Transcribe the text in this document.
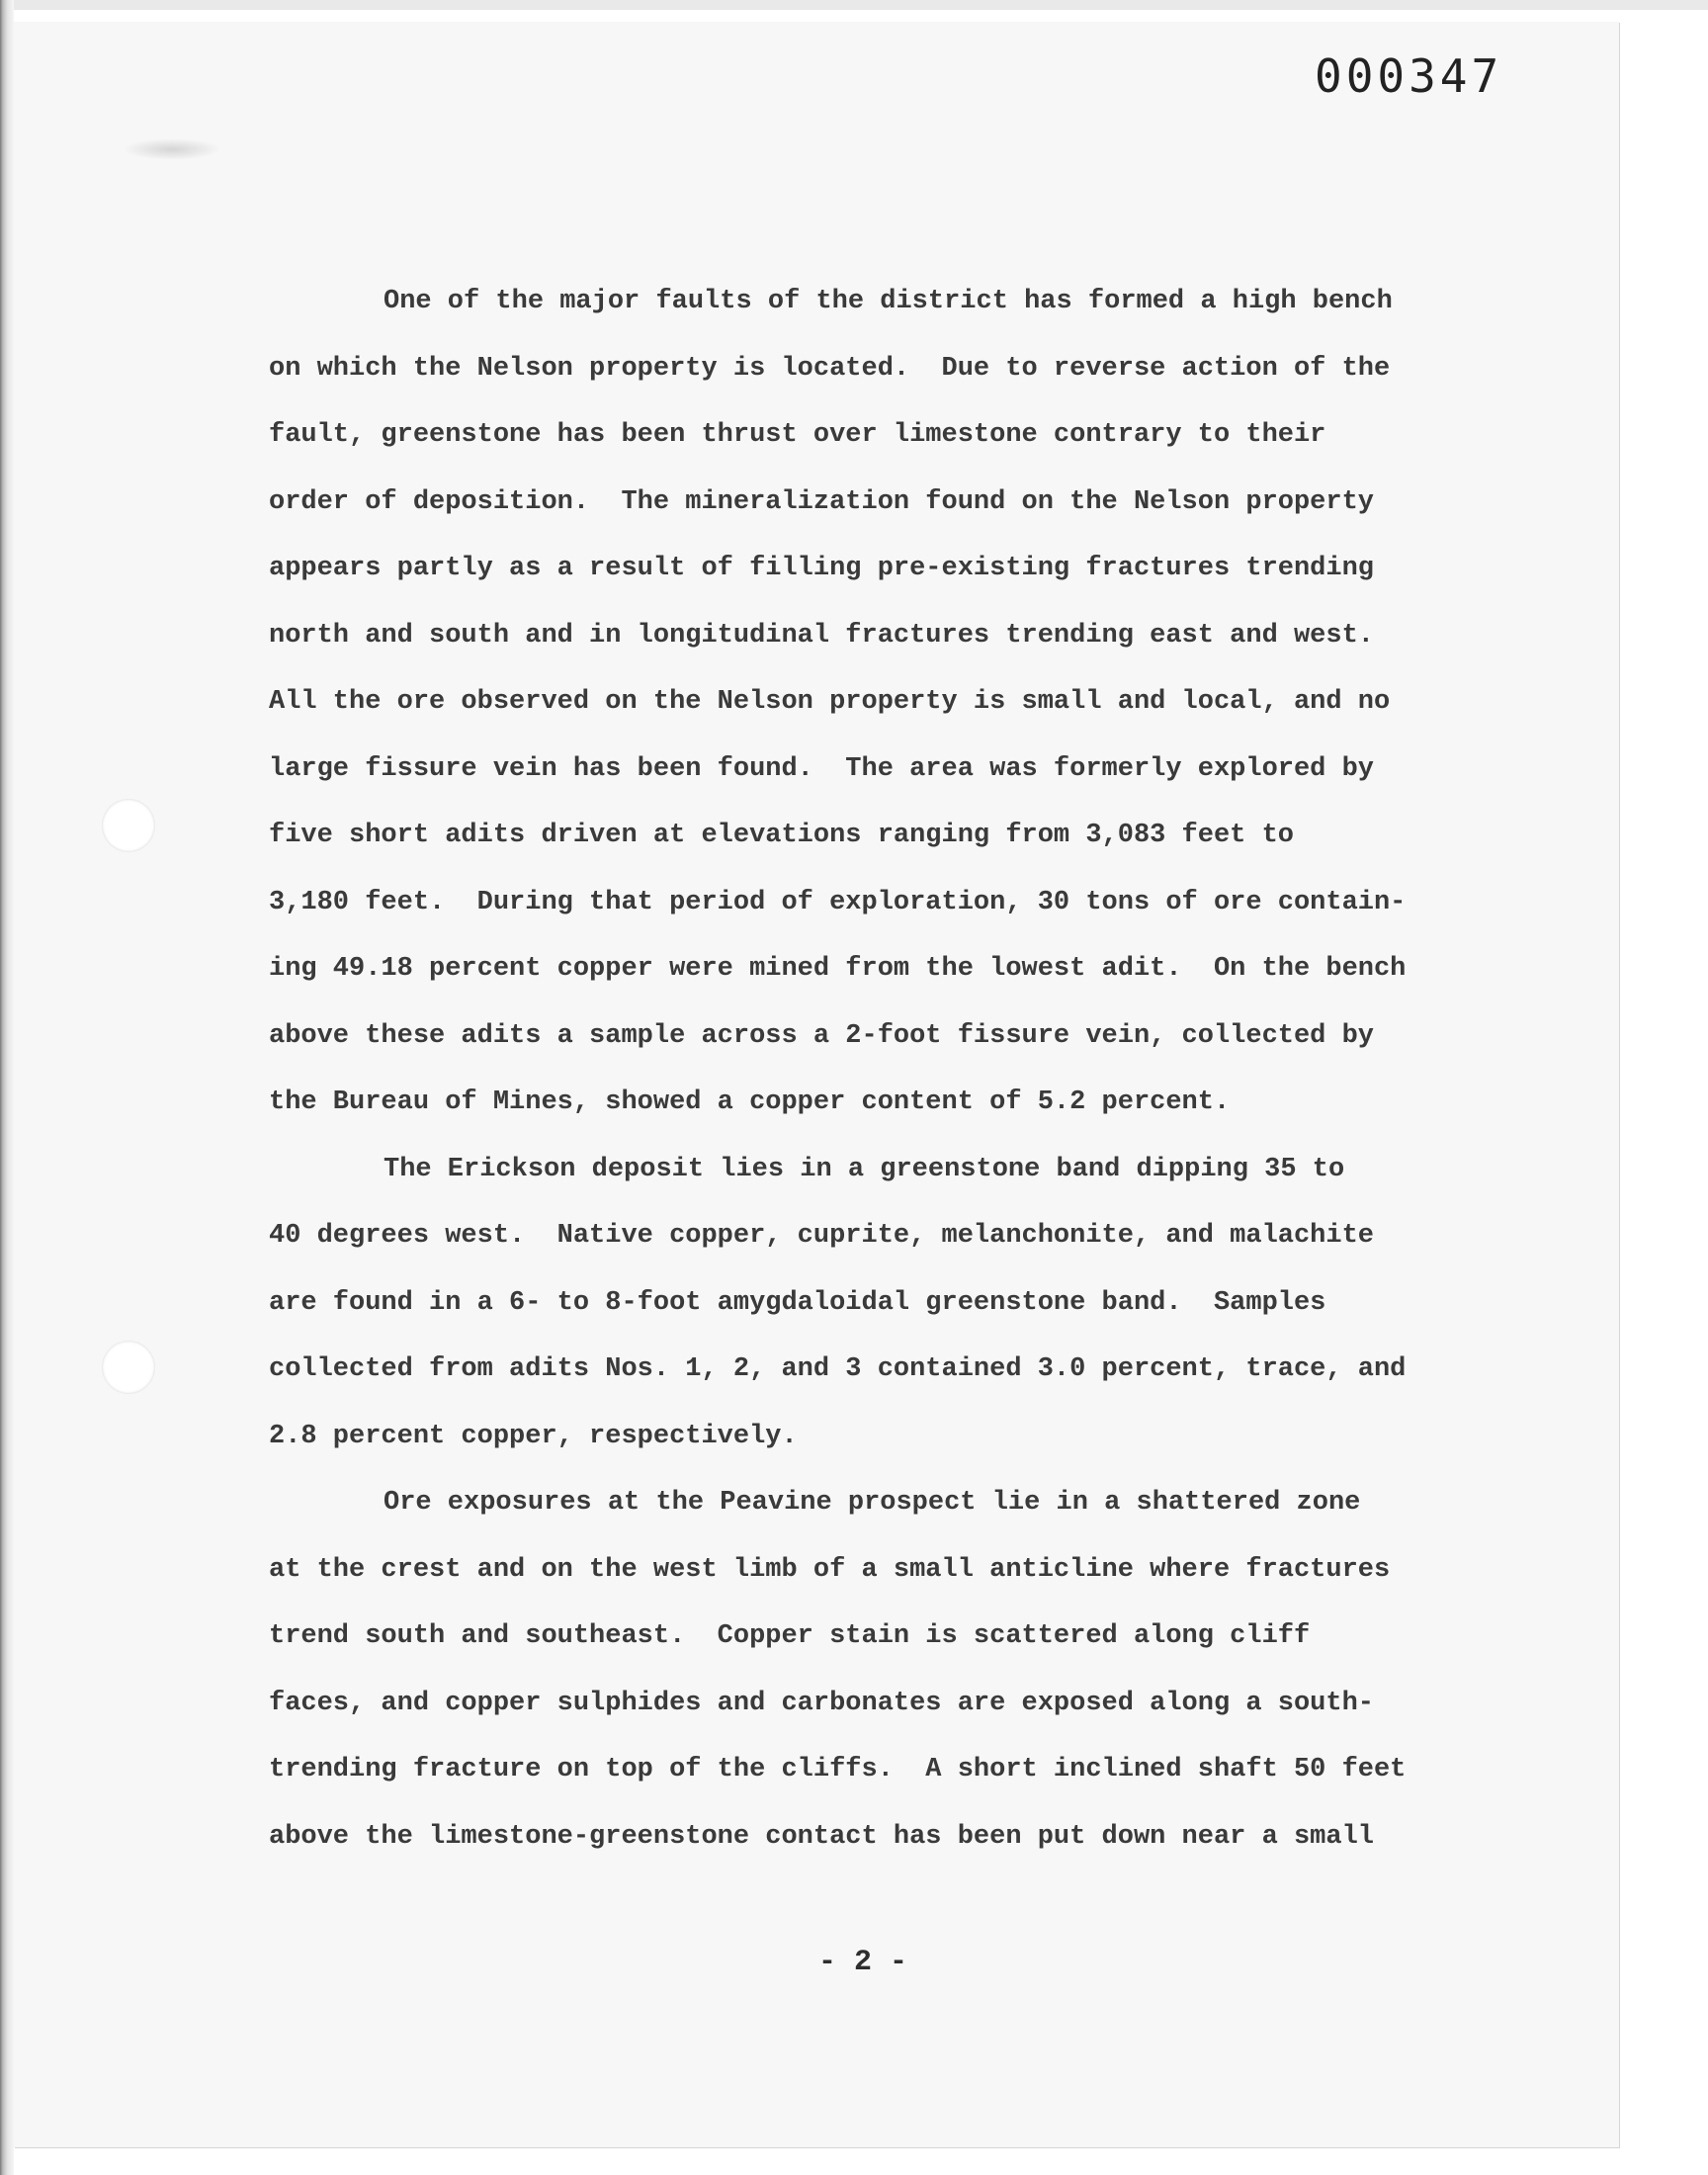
000347
One of the major faults of the district has formed a high bench
on which the Nelson property is located.  Due to reverse action of the
fault, greenstone has been thrust over limestone contrary to their
order of deposition.  The mineralization found on the Nelson property
appears partly as a result of filling pre-existing fractures trending
north and south and in longitudinal fractures trending east and west.
All the ore observed on the Nelson property is small and local, and no
large fissure vein has been found.  The area was formerly explored by
five short adits driven at elevations ranging from 3,083 feet to
3,180 feet.  During that period of exploration, 30 tons of ore contain-
ing 49.18 percent copper were mined from the lowest adit.  On the bench
above these adits a sample across a 2-foot fissure vein, collected by
the Bureau of Mines, showed a copper content of 5.2 percent.
The Erickson deposit lies in a greenstone band dipping 35 to
40 degrees west.  Native copper, cuprite, melanchonite, and malachite
are found in a 6- to 8-foot amygdaloidal greenstone band.  Samples
collected from adits Nos. 1, 2, and 3 contained 3.0 percent, trace, and
2.8 percent copper, respectively.
Ore exposures at the Peavine prospect lie in a shattered zone
at the crest and on the west limb of a small anticline where fractures
trend south and southeast.  Copper stain is scattered along cliff
faces, and copper sulphides and carbonates are exposed along a south-
trending fracture on top of the cliffs.  A short inclined shaft 50 feet
above the limestone-greenstone contact has been put down near a small
- 2 -
